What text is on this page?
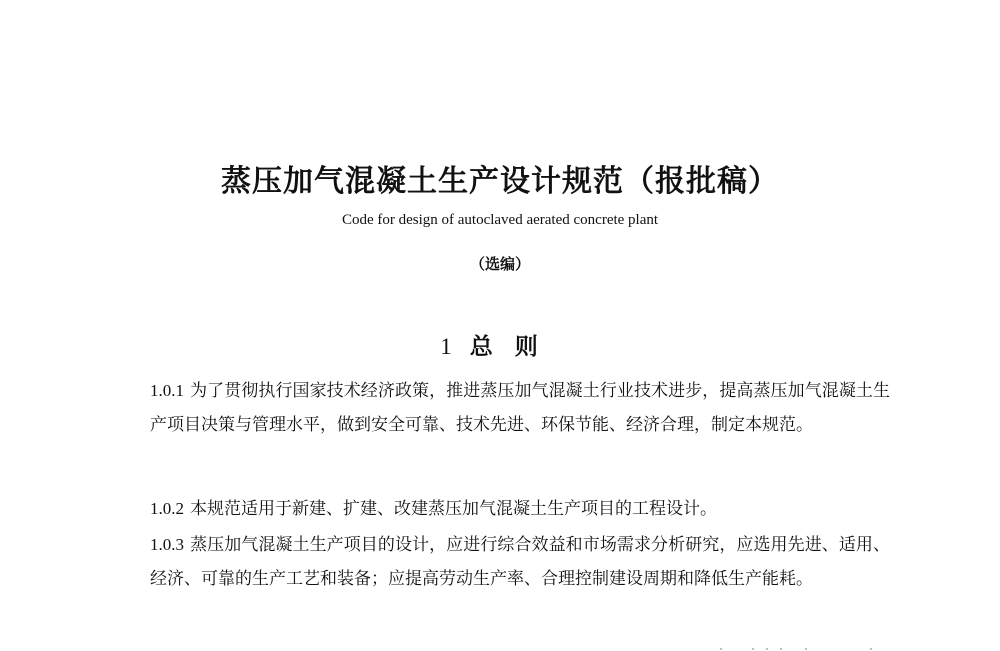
蒸压加气混凝土生产设计规范（报批稿）
Code for design of autoclaved aerated concrete plant
（选编）
1 总则
1.0.1 为了贯彻执行国家技术经济政策，推进蒸压加气混凝土行业技术进步，提高蒸压加气混凝土生产项目决策与管理水平，做到安全可靠、技术先进、环保节能、经济合理，制定本规范。
1.0.2 本规范适用于新建、扩建、改建蒸压加气混凝土生产项目的工程设计。
1.0.3 蒸压加气混凝土生产项目的设计，应进行综合效益和市场需求分析研究，应选用先进、适用、经济、可靠的生产工艺和装备；应提高劳动生产率、合理控制建设周期和降低生产能耗。
